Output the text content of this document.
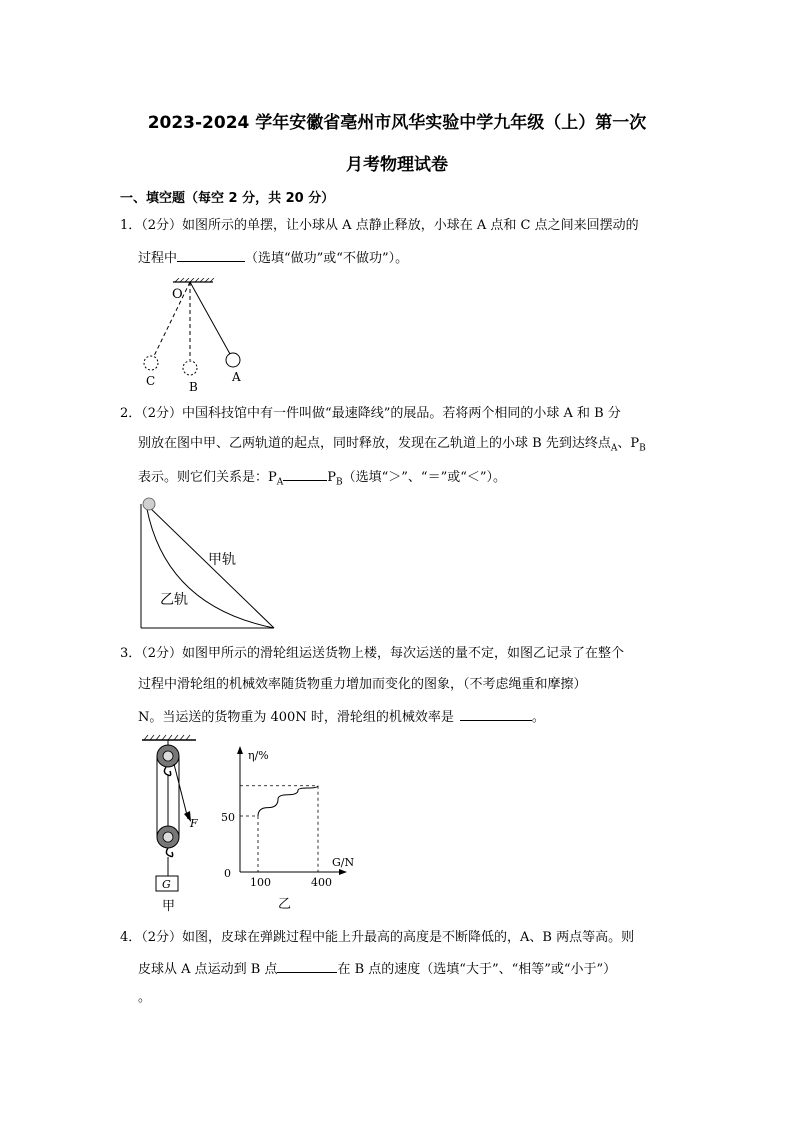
2023-2024 学年安徽省亳州市风华实验中学九年级（上）第一次
月考物理试卷
一、填空题（每空 2 分，共 20 分）
1．（2分）如图所示的单摆，让小球从 A 点静止释放，小球在 A 点和 C 点之间来回摆动的
过程中	（选填“做功”或“不做功”）。
O
A
B
C
2．（2分）中国科技馆中有一件叫做“最速降线”的展品。若将两个相同的小球 A 和 B 分
别放在图中甲、乙两轨道的起点，同时释放，发现在乙轨道上的小球 B 先到达终点$_A$、$P_B$
表示。则它们关系是：$P_A$	$P_B$（选填“＞”、“＝”或“＜”）。
甲轨
乙轨
3．（2分）如图甲所示的滑轮组运送货物上楼，每次运送的量不定，如图乙记录了在整个
过程中滑轮组的机械效率随货物重力增加而变化的图象，（不考虑绳重和摩擦）
N。当运送的货物重为 400N 时，滑轮组的机械效率是	。
G
F
甲
η/%
G/N
50
0
100	400
乙
4．（2分）如图，皮球在弹跳过程中能上升最高的高度是不断降低的，A、B 两点等高。则
皮球从 A 点运动到 B 点	在 B 点的速度（选填“大于”、“相等”或“小于”）
。
